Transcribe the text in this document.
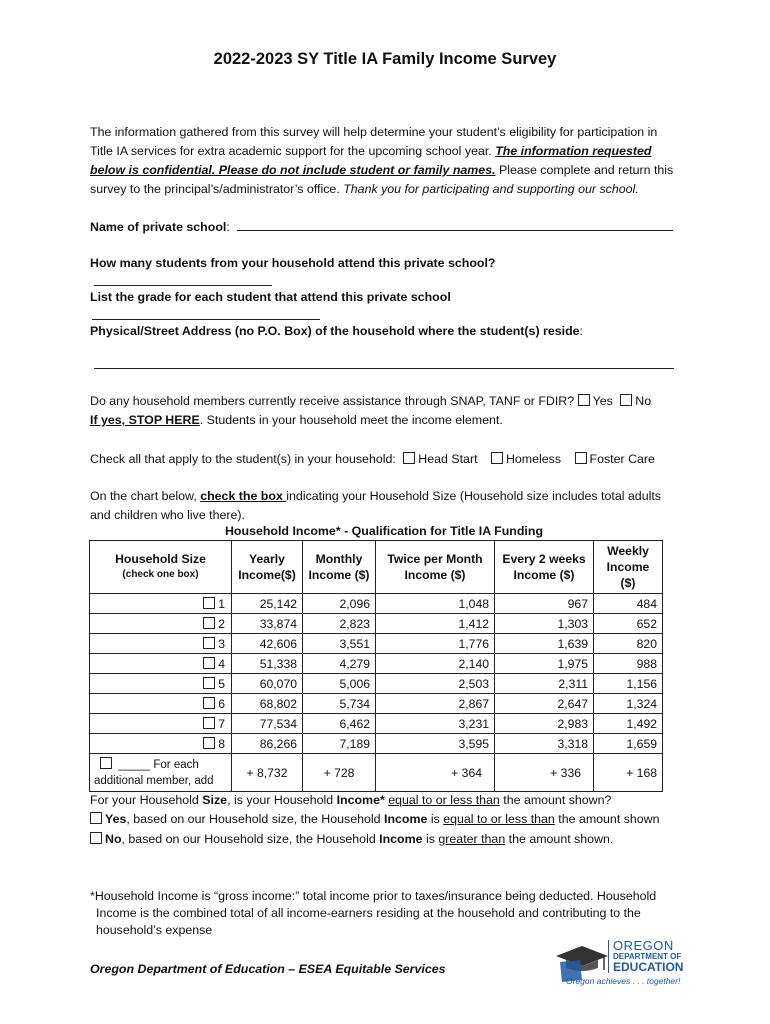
2022-2023 SY Title IA Family Income Survey
The information gathered from this survey will help determine your student’s eligibility for participation in Title IA services for extra academic support for the upcoming school year. The information requested below is confidential. Please do not include student or family names. Please complete and return this survey to the principal’s/administrator’s office. Thank you for participating and supporting our school.
Name of private school:
How many students from your household attend this private school?
List the grade for each student that attend this private school
Physical/Street Address (no P.O. Box) of the household where the student(s) reside:
Do any household members currently receive assistance through SNAP, TANF or FDIR? Yes No
If yes, STOP HERE. Students in your household meet the income element.
Check all that apply to the student(s) in your household: Head Start Homeless Foster Care
On the chart below, check the box indicating your Household Size (Household size includes total adults and children who live there).
Household Income* - Qualification for Title IA Funding
Household Size
(check one box)	Yearly Income($)	Monthly Income ($)	Twice per Month Income ($)	Every 2 weeks Income ($)	Weekly Income ($)
1	25,142	2,096	1,048	967	484
2	33,874	2,823	1,412	1,303	652
3	42,606	3,551	1,776	1,639	820
4	51,338	4,279	2,140	1,975	988
5	60,070	5,006	2,503	2,311	1,156
6	68,802	5,734	2,867	2,647	1,324
7	77,534	6,462	3,231	2,983	1,492
8	86,266	7,189	3,595	3,318	1,659

_____ For each
additional member, add	+ 8,732	+ 728	+ 364	+ 336	+ 168
For your Household Size, is your Household Income* equal to or less than the amount shown?
Yes, based on our Household size, the Household Income is equal to or less than the amount shown
No, based on our Household size, the Household Income is greater than the amount shown.
*Household Income is “gross income:” total income prior to taxes/insurance being deducted. Household
Income is the combined total of all income-earners residing at the household and contributing to the
household’s expense
Oregon Department of Education – ESEA Equitable Services
OREGON
DEPARTMENT OF
EDUCATION
Oregon achieves . . . together!
